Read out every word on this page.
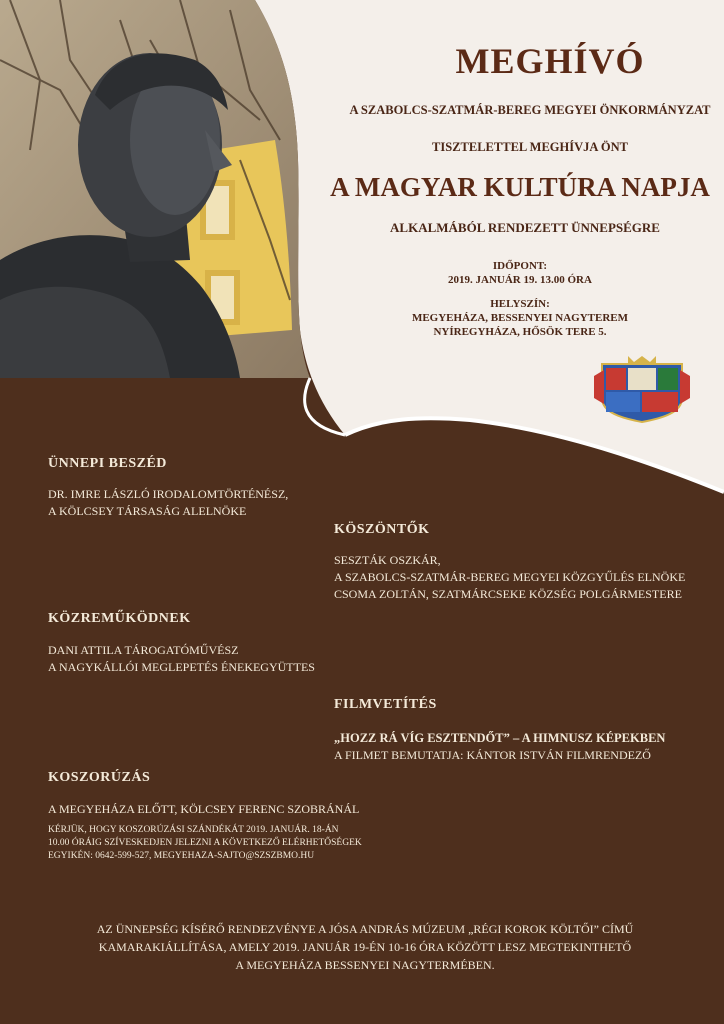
MEGHÍVÓ

A SZABOLCS-SZATMÁR-BEREG MEGYEI ÖNKORMÁNYZAT

TISZTELETTEL MEGHÍVJA ÖNT

A MAGYAR KULTÚRA NAPJA

ALKALMÁBÓL RENDEZETT ÜNNEPSÉGRE

IDŐPONT:

2019. JANUÁR 19. 13.00 ÓRA

HELYSZÍN:

MEGYEHÁZA, BESSENYEI NAGYTEREM

NYÍREGYHÁZA, HŐSÖK TERE 5.

ÜNNEPI BESZÉD

DR. IMRE LÁSZLÓ IRODALOMTÖRTÉNÉSZ,

A KÖLCSEY TÁRSASÁG ALELNÖKE

KÖSZÖNTŐK

SESZTÁK OSZKÁR,

A SZABOLCS-SZATMÁR-BEREG MEGYEI KÖZGYŰLÉS ELNÖKE

CSOMA ZOLTÁN, SZATMÁRCSEKE KÖZSÉG POLGÁRMESTERE

KÖZREMŰKÖDNEK

DANI ATTILA TÁROGATÓMŰVÉSZ

A NAGYKÁLLÓI MEGLEPETÉS ÉNEKEGYÜTTES

FILMVETÍTÉS

„HOZZ RÁ VÍG ESZTENDŐT” – A HIMNUSZ KÉPEKBEN

A FILMET BEMUTATJA: KÁNTOR ISTVÁN FILMRENDEZŐ

KOSZORÚZÁS

A MEGYEHÁZA ELŐTT, KÖLCSEY FERENC SZOBRÁNÁL

KÉRJÜK, HOGY KOSZORÚZÁSI SZÁNDÉKÁT 2019. JANUÁR. 18-ÁN

10.00 ÓRÁIG SZÍVESKEDJEN JELEZNI A KÖVETKEZŐ ELÉRHETŐSÉGEK

EGYIKÉN: 0642-599-527, MEGYEHAZA-SAJTO@SZSZBMO.HU

AZ ÜNNEPSÉG KÍSÉRŐ RENDEZVÉNYE A JÓSA ANDRÁS MÚZEUM „RÉGI KOROK KÖLTŐI” CÍMŰ
KAMARAKIÁLLÍTÁSA, AMELY 2019. JANUÁR 19-ÉN 10-16 ÓRA KÖZÖTT LESZ MEGTEKINTHETŐ
A MEGYEHÁZA BESSENYEI NAGYTERMÉBEN.
